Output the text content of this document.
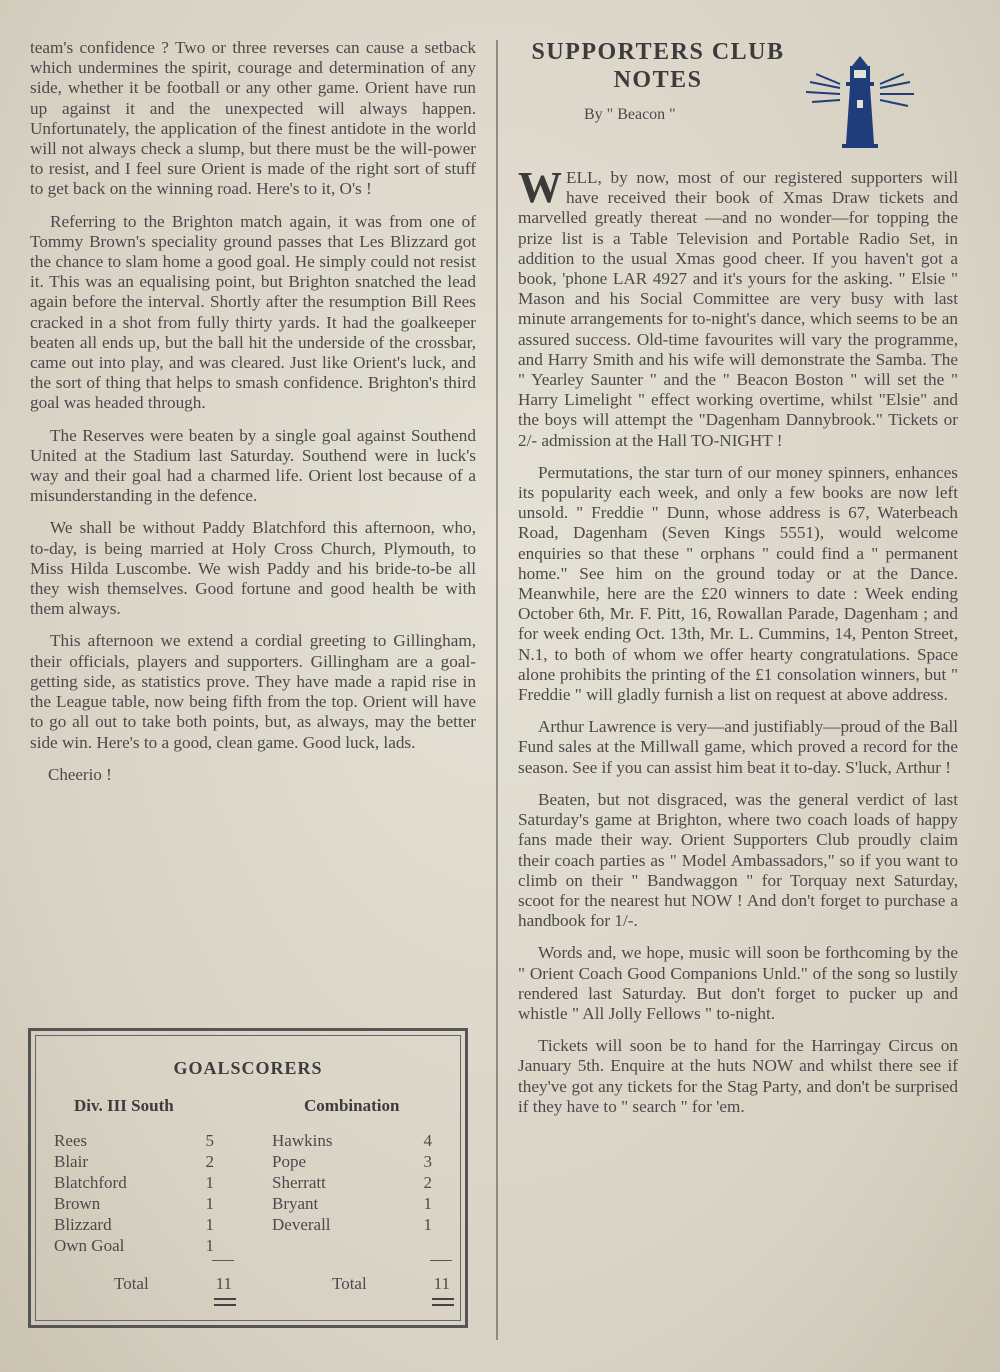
team's confidence ? Two or three reverses can cause a setback which undermines the spirit, courage and determination of any side, whether it be football or any other game. Orient have run up against it and the unexpected will always happen. Unfortunately, the application of the finest antidote in the world will not always check a slump, but there must be the will-power to resist, and I feel sure Orient is made of the right sort of stuff to get back on the winning road. Here's to it, O's !

Referring to the Brighton match again, it was from one of Tommy Brown's speciality ground passes that Les Blizzard got the chance to slam home a good goal. He simply could not resist it. This was an equalising point, but Brighton snatched the lead again before the interval. Shortly after the resumption Bill Rees cracked in a shot from fully thirty yards. It had the goalkeeper beaten all ends up, but the ball hit the underside of the crossbar, came out into play, and was cleared. Just like Orient's luck, and the sort of thing that helps to smash confidence. Brighton's third goal was headed through.

The Reserves were beaten by a single goal against Southend United at the Stadium last Saturday. Southend were in luck's way and their goal had a charmed life. Orient lost because of a misunderstanding in the defence.

We shall be without Paddy Blatchford this afternoon, who, to-day, is being married at Holy Cross Church, Plymouth, to Miss Hilda Luscombe. We wish Paddy and his bride-to-be all they wish themselves. Good fortune and good health be with them always.

This afternoon we extend a cordial greeting to Gillingham, their officials, players and supporters. Gillingham are a goal-getting side, as statistics prove. They have made a rapid rise in the League table, now being fifth from the top. Orient will have to go all out to take both points, but, as always, may the better side win. Here's to a good, clean game. Good luck, lads.

Cheerio !
GOALSCORERS
Div. III South	Combination
Rees	5
Blair	2
Blatchford	1
Brown	1
Blizzard	1
Own Goal	1
Hawkins	4
Pope	3
Sherratt	2
Bryant	1
Deverall	1
Total	11	Total	11
SUPPORTERS CLUB
NOTES
By " Beacon "

WELL, by now, most of our registered supporters will have received their book of Xmas Draw tickets and marvelled greatly thereat —and no wonder—for topping the prize list is a Table Television and Portable Radio Set, in addition to the usual Xmas good cheer. If you haven't got a book, 'phone LAR 4927 and it's yours for the asking. " Elsie " Mason and his Social Committee are very busy with last minute arrangements for to-night's dance, which seems to be an assured success. Old-time favourites will vary the programme, and Harry Smith and his wife will demonstrate the Samba. The " Yearley Saunter " and the " Beacon Boston " will set the " Harry Limelight " effect working overtime, whilst "Elsie" and the boys will attempt the "Dagenham Dannybrook." Tickets or 2/- admission at the Hall TO-NIGHT !

Permutations, the star turn of our money spinners, enhances its popularity each week, and only a few books are now left unsold. " Freddie " Dunn, whose address is 67, Waterbeach Road, Dagenham (Seven Kings 5551), would welcome enquiries so that these " orphans " could find a " permanent home." See him on the ground today or at the Dance. Meanwhile, here are the £20 winners to date : Week ending October 6th, Mr. F. Pitt, 16, Rowallan Parade, Dagenham ; and for week ending Oct. 13th, Mr. L. Cummins, 14, Penton Street, N.1, to both of whom we offer hearty congratulations. Space alone prohibits the printing of the £1 consolation winners, but " Freddie " will gladly furnish a list on request at above address.

Arthur Lawrence is very—and justifiably—proud of the Ball Fund sales at the Millwall game, which proved a record for the season. See if you can assist him beat it to-day. S'luck, Arthur !

Beaten, but not disgraced, was the general verdict of last Saturday's game at Brighton, where two coach loads of happy fans made their way. Orient Supporters Club proudly claim their coach parties as " Model Ambassadors," so if you want to climb on their " Bandwaggon " for Torquay next Saturday, scoot for the nearest hut NOW ! And don't forget to purchase a handbook for 1/-.

Words and, we hope, music will soon be forthcoming by the " Orient Coach Good Companions Unld." of the song so lustily rendered last Saturday. But don't forget to pucker up and whistle " All Jolly Fellows " to-night.

Tickets will soon be to hand for the Harringay Circus on January 5th. Enquire at the huts NOW and whilst there see if they've got any tickets for the Stag Party, and don't be surprised if they have to " search " for 'em.
